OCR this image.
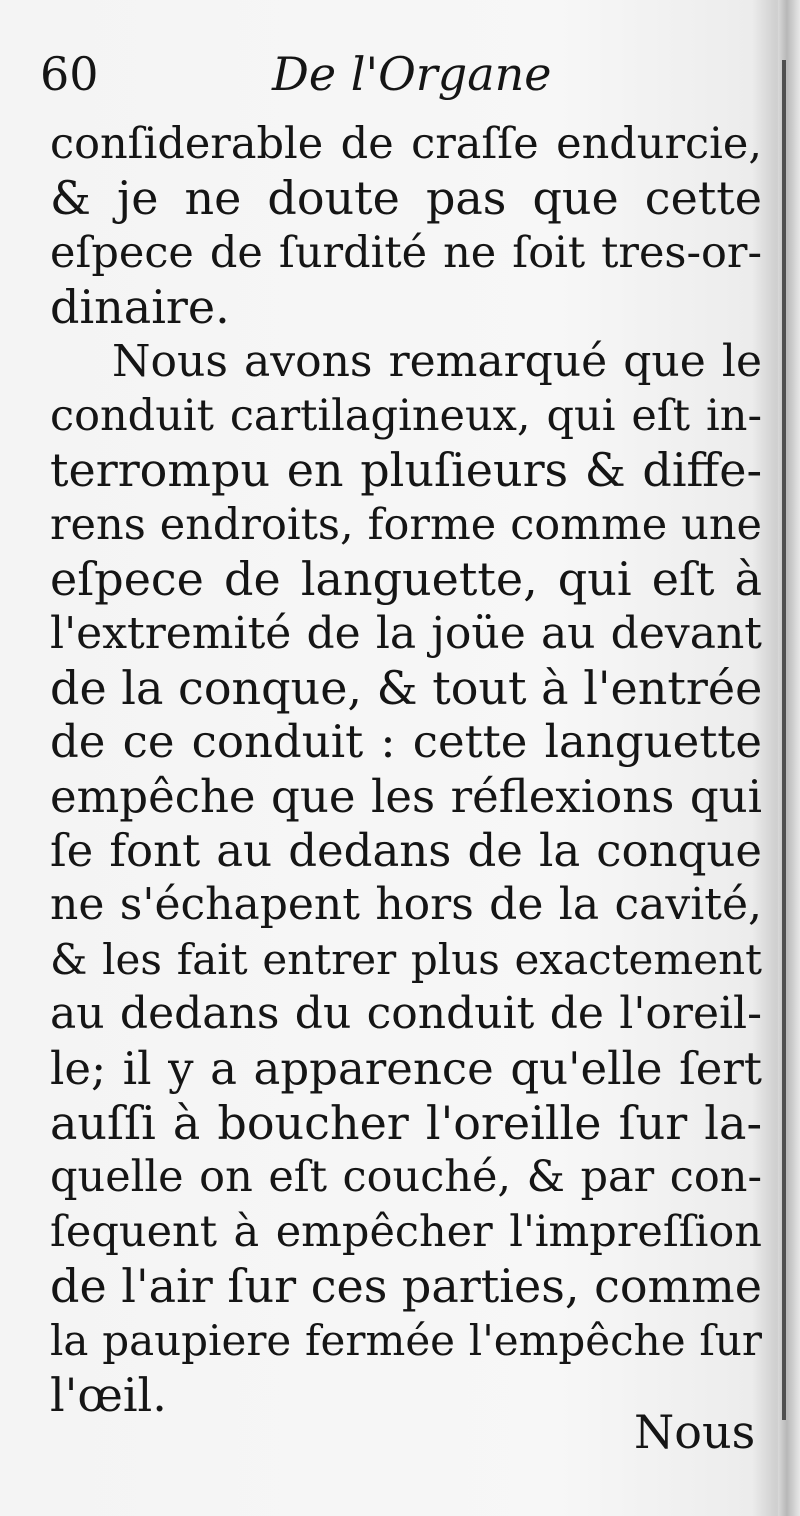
60	De l'Organe
conſiderable de craſſe endurcie,
& je ne doute pas que cette
eſpece de ſurdité ne ſoit tres-or-
dinaire.
Nous avons remarqué que le
conduit cartilagineux, qui eſt in-
terrompu en pluſieurs & diffe-
rens endroits, forme comme une
eſpece de languette, qui eſt à
l'extremité de la joüe au devant
de la conque, & tout à l'entrée
de ce conduit : cette languette
empêche que les réflexions qui
ſe font au dedans de la conque
ne s'échapent hors de la cavité,
& les fait entrer plus exactement
au dedans du conduit de l'oreil-
le; il y a apparence qu'elle ſert
auſſi à boucher l'oreille ſur la-
quelle on eſt couché, & par con-
ſequent à empêcher l'impreſſion
de l'air ſur ces parties, comme
la paupiere fermée l'empêche ſur
l'œil.
Nous
